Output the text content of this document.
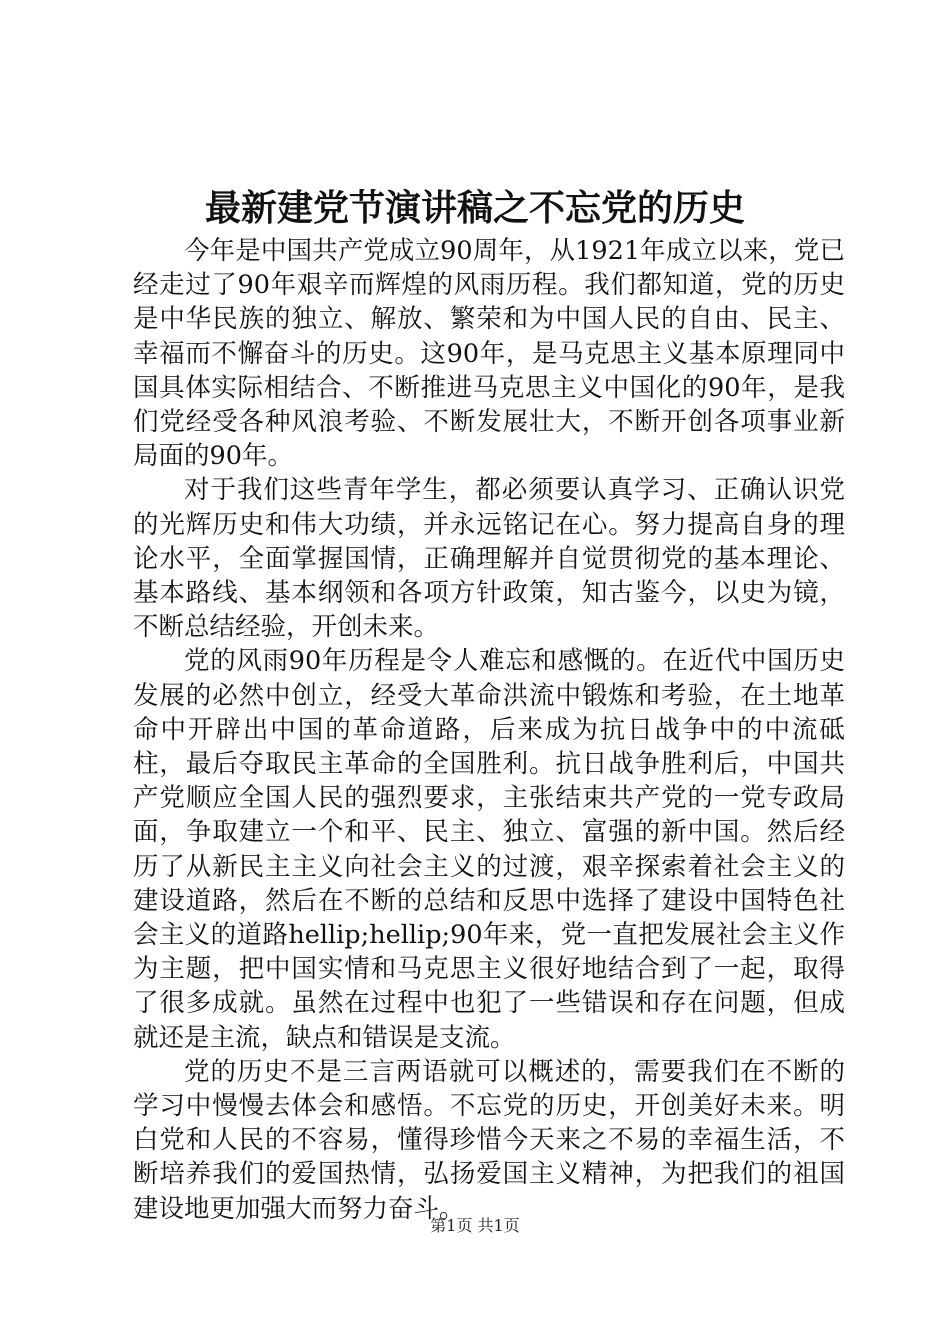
最新建党节演讲稿之不忘党的历史

今年是中国共产党成立90周年，从1921年成立以来，党已经走过了90年艰辛而辉煌的风雨历程。我们都知道，党的历史是中华民族的独立、解放、繁荣和为中国人民的自由、民主、幸福而不懈奋斗的历史。这90年，是马克思主义基本原理同中国具体实际相结合、不断推进马克思主义中国化的90年，是我们党经受各种风浪考验、不断发展壮大，不断开创各项事业新局面的90年。

对于我们这些青年学生，都必须要认真学习、正确认识党的光辉历史和伟大功绩，并永远铭记在心。努力提高自身的理论水平，全面掌握国情，正确理解并自觉贯彻党的基本理论、基本路线、基本纲领和各项方针政策，知古鉴今，以史为镜，不断总结经验，开创未来。

党的风雨90年历程是令人难忘和感慨的。在近代中国历史发展的必然中创立，经受大革命洪流中锻炼和考验，在土地革命中开辟出中国的革命道路，后来成为抗日战争中的中流砥柱，最后夺取民主革命的全国胜利。抗日战争胜利后，中国共产党顺应全国人民的强烈要求，主张结束共产党的一党专政局面，争取建立一个和平、民主、独立、富强的新中国。然后经历了从新民主主义向社会主义的过渡，艰辛探索着社会主义的建设道路，然后在不断的总结和反思中选择了建设中国特色社会主义的道路hellip;hellip;90年来，党一直把发展社会主义作为主题，把中国实情和马克思主义很好地结合到了一起，取得了很多成就。虽然在过程中也犯了一些错误和存在问题，但成就还是主流，缺点和错误是支流。

党的历史不是三言两语就可以概述的，需要我们在不断的学习中慢慢去体会和感悟。不忘党的历史，开创美好未来。明白党和人民的不容易，懂得珍惜今天来之不易的幸福生活，不断培养我们的爱国热情，弘扬爱国主义精神，为把我们的祖国建设地更加强大而努力奋斗。

第1页 共1页
